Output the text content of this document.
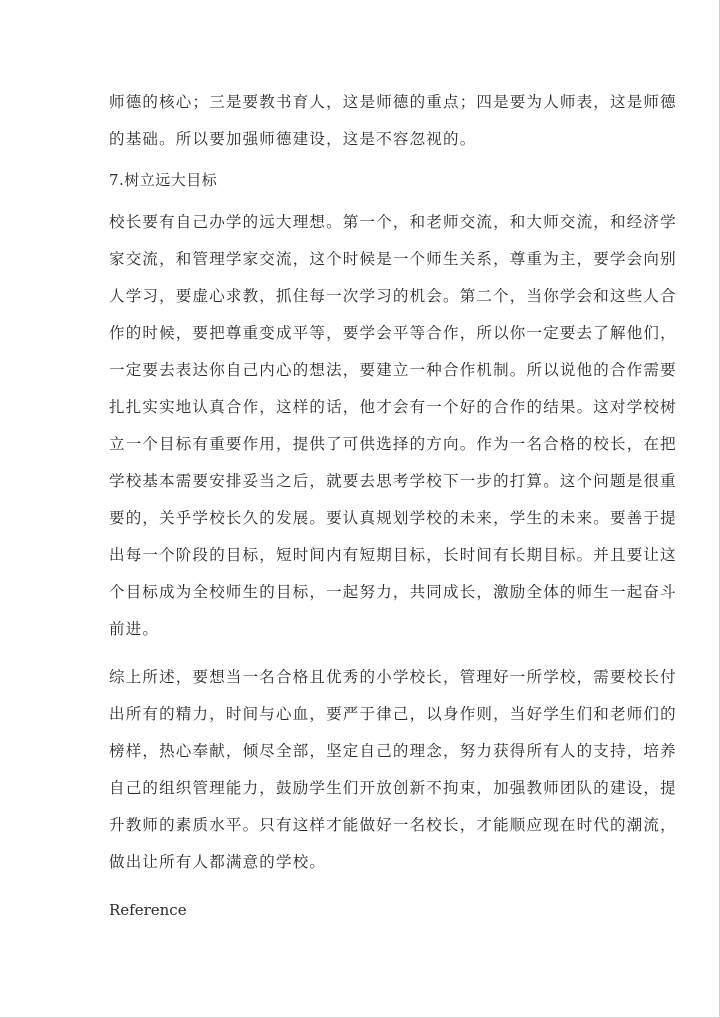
师德的核心；三是要教书育人，这是师德的重点；四是要为人师表，这是师德
的基础。所以要加强师德建设，这是不容忽视的。
7.树立远大目标
校长要有自己办学的远大理想。第一个，和老师交流，和大师交流，和经济学
家交流，和管理学家交流，这个时候是一个师生关系，尊重为主，要学会向别
人学习，要虚心求教，抓住每一次学习的机会。第二个，当你学会和这些人合
作的时候，要把尊重变成平等，要学会平等合作，所以你一定要去了解他们，
一定要去表达你自己内心的想法，要建立一种合作机制。所以说他的合作需要
扎扎实实地认真合作，这样的话，他才会有一个好的合作的结果。这对学校树
立一个目标有重要作用，提供了可供选择的方向。作为一名合格的校长，在把
学校基本需要安排妥当之后，就要去思考学校下一步的打算。这个问题是很重
要的，关乎学校长久的发展。要认真规划学校的未来，学生的未来。要善于提
出每一个阶段的目标，短时间内有短期目标，长时间有长期目标。并且要让这
个目标成为全校师生的目标，一起努力，共同成长，激励全体的师生一起奋斗
前进。
综上所述，要想当一名合格且优秀的小学校长，管理好一所学校，需要校长付
出所有的精力，时间与心血，要严于律己，以身作则，当好学生们和老师们的
榜样，热心奉献，倾尽全部，坚定自己的理念，努力获得所有人的支持，培养
自己的组织管理能力，鼓励学生们开放创新不拘束，加强教师团队的建设，提
升教师的素质水平。只有这样才能做好一名校长，才能顺应现在时代的潮流，
做出让所有人都满意的学校。
Reference
